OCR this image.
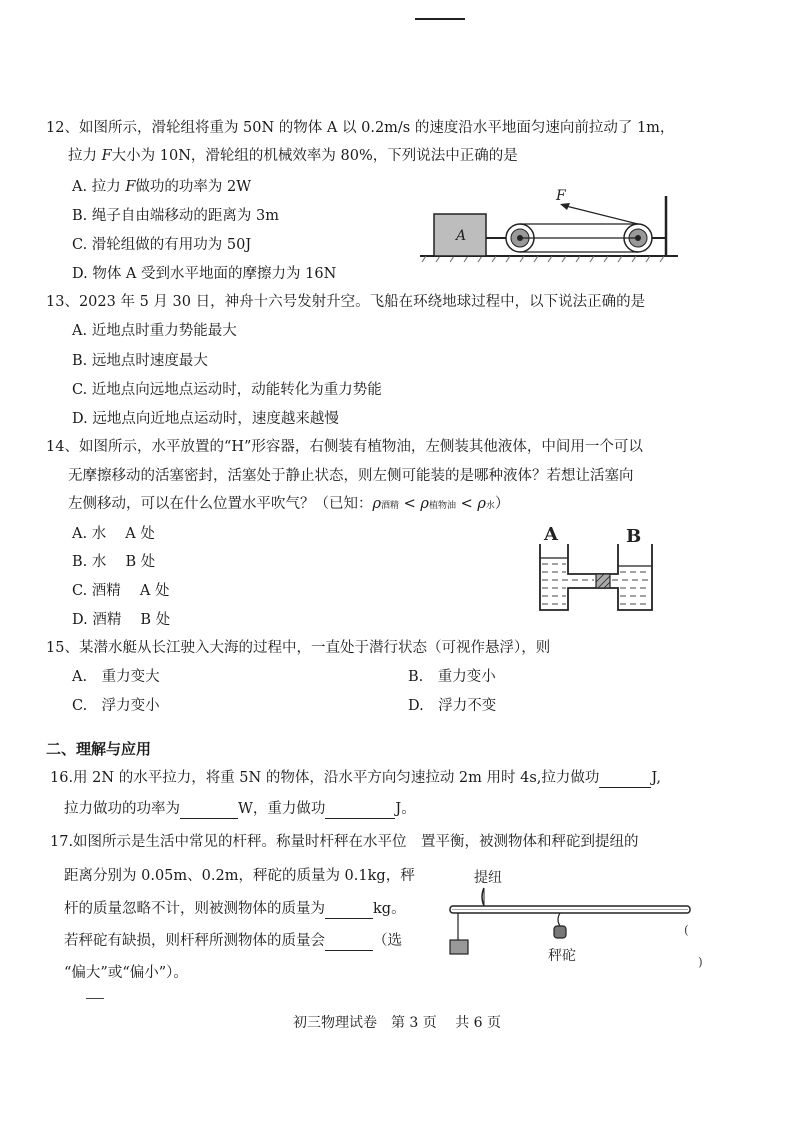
12、如图所示，滑轮组将重为 50N 的物体 A 以 0.2m/s 的速度沿水平地面匀速向前拉动了 1m，
拉力 F大小为 10N，滑轮组的机械效率为 80%，下列说法中正确的是
A. 拉力 F做功的功率为 2W
B. 绳子自由端移动的距离为 3m
C. 滑轮组做的有用功为 50J
D. 物体 A 受到水平地面的摩擦力为 16N
A
F
13、2023 年 5 月 30 日，神舟十六号发射升空。飞船在环绕地球过程中，以下说法正确的是
A. 近地点时重力势能最大
B. 远地点时速度最大
C. 近地点向远地点运动时，动能转化为重力势能
D. 远地点向近地点运动时，速度越来越慢
14、如图所示，水平放置的“H”形容器，右侧装有植物油，左侧装其他液体，中间用一个可以
无摩擦移动的活塞密封，活塞处于静止状态，则左侧可能装的是哪种液体？若想让活塞向
左侧移动，可以在什么位置水平吹气？（已知：ρ酒精 < ρ植物油 < ρ水）
A. 水　 A 处
B. 水　 B 处
C. 酒精　 A 处
D. 酒精　 B 处
A	B
15、某潜水艇从长江驶入大海的过程中，一直处于潜行状态（可视作悬浮），则
A.　重力变大	B.　重力变小
C.　浮力变小	D.　浮力不变
二、理解与应用
16.用 2N 的水平拉力，将重 5N 的物体，沿水平方向匀速拉动 2m 用时 4s,拉力做功	J,
拉力做功的功率为	W，重力做功	J。
17.如图所示是生活中常见的杆秤。称量时杆秤在水平位　置平衡，被测物体和秤砣到提纽的
距离分别为 0.05m、0.2m，秤砣的质量为 0.1kg，秤
杆的质量忽略不计，则被测物体的质量为	kg。
若秤砣有缺损，则杆秤所测物体的质量会	（选
“偏大”或“偏小”）。
提纽
秤砣
(
)
初三物理试卷　第 3 页　 共 6 页
